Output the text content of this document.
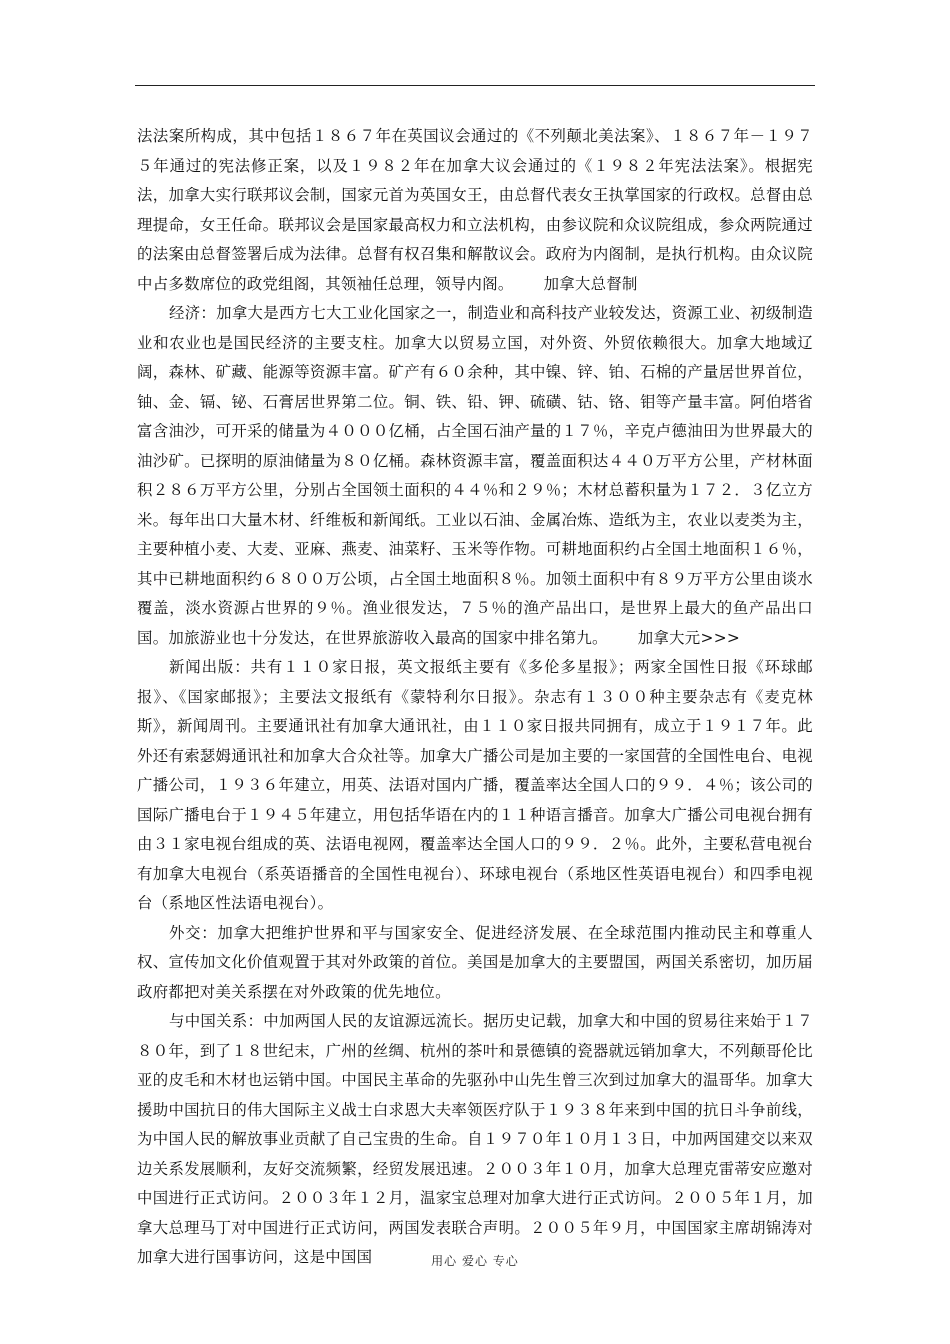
法法案所构成，其中包括１８６７年在英国议会通过的《不列颠北美法案》、１８６７年－１９７５年通过的宪法修正案，以及１９８２年在加拿大议会通过的《１９８２年宪法法案》。根据宪法，加拿大实行联邦议会制，国家元首为英国女王，由总督代表女王执掌国家的行政权。总督由总理提命，女王任命。联邦议会是国家最高权力和立法机构，由参议院和众议院组成，参众两院通过的法案由总督签署后成为法律。总督有权召集和解散议会。政府为内阁制，是执行机构。由众议院中占多数席位的政党组阁，其领袖任总理，领导内阁。 加拿大总督制

经济：加拿大是西方七大工业化国家之一，制造业和高科技产业较发达，资源工业、初级制造业和农业也是国民经济的主要支柱。加拿大以贸易立国，对外资、外贸依赖很大。加拿大地域辽阔，森林、矿藏、能源等资源丰富。矿产有６０余种，其中镍、锌、铂、石棉的产量居世界首位，铀、金、镉、铋、石膏居世界第二位。铜、铁、铅、钾、硫磺、钴、铬、钼等产量丰富。阿伯塔省富含油沙，可开采的储量为４０００亿桶，占全国石油产量的１７％，辛克卢德油田为世界最大的油沙矿。已探明的原油储量为８０亿桶。森林资源丰富，覆盖面积达４４０万平方公里，产材林面积２８６万平方公里，分别占全国领土面积的４４％和２９％；木材总蓄积量为１７２．３亿立方米。每年出口大量木材、纤维板和新闻纸。工业以石油、金属冶炼、造纸为主，农业以麦类为主，主要种植小麦、大麦、亚麻、燕麦、油菜籽、玉米等作物。可耕地面积约占全国土地面积１６％，其中已耕地面积约６８００万公顷，占全国土地面积８％。加领土面积中有８９万平方公里由谈水覆盖，淡水资源占世界的９％。渔业很发达，７５％的渔产品出口，是世界上最大的鱼产品出口国。加旅游业也十分发达，在世界旅游收入最高的国家中排名第九。 加拿大元>>>

新闻出版：共有１１０家日报，英文报纸主要有《多伦多星报》；两家全国性日报《环球邮报》、《国家邮报》；主要法文报纸有《蒙特利尔日报》。杂志有１３００种主要杂志有《麦克林斯》，新闻周刊。主要通讯社有加拿大通讯社，由１１０家日报共同拥有，成立于１９１７年。此外还有索瑟姆通讯社和加拿大合众社等。加拿大广播公司是加主要的一家国营的全国性电台、电视广播公司，１９３６年建立，用英、法语对国内广播，覆盖率达全国人口的９９．４％；该公司的国际广播电台于１９４５年建立，用包括华语在内的１１种语言播音。加拿大广播公司电视台拥有由３１家电视台组成的英、法语电视网，覆盖率达全国人口的９９．２％。此外，主要私营电视台有加拿大电视台（系英语播音的全国性电视台）、环球电视台（系地区性英语电视台）和四季电视台（系地区性法语电视台）。

外交：加拿大把维护世界和平与国家安全、促进经济发展、在全球范围内推动民主和尊重人权、宣传加文化价值观置于其对外政策的首位。美国是加拿大的主要盟国，两国关系密切，加历届政府都把对美关系摆在对外政策的优先地位。

与中国关系：中加两国人民的友谊源远流长。据历史记载，加拿大和中国的贸易往来始于１７８０年，到了１８世纪末，广州的丝绸、杭州的茶叶和景德镇的瓷器就远销加拿大，不列颠哥伦比亚的皮毛和木材也运销中国。中国民主革命的先驱孙中山先生曾三次到过加拿大的温哥华。加拿大援助中国抗日的伟大国际主义战士白求恩大夫率领医疗队于１９３８年来到中国的抗日斗争前线，为中国人民的解放事业贡献了自己宝贵的生命。自１９７０年１０月１３日，中加两国建交以来双边关系发展顺利，友好交流频繁，经贸发展迅速。２００３年１０月，加拿大总理克雷蒂安应邀对中国进行正式访问。２００３年１２月，温家宝总理对加拿大进行正式访问。２００５年１月，加拿大总理马丁对中国进行正式访问，两国发表联合声明。２００５年９月，中国国家主席胡锦涛对加拿大进行国事访问，这是中国国	用心 爱心 专心
